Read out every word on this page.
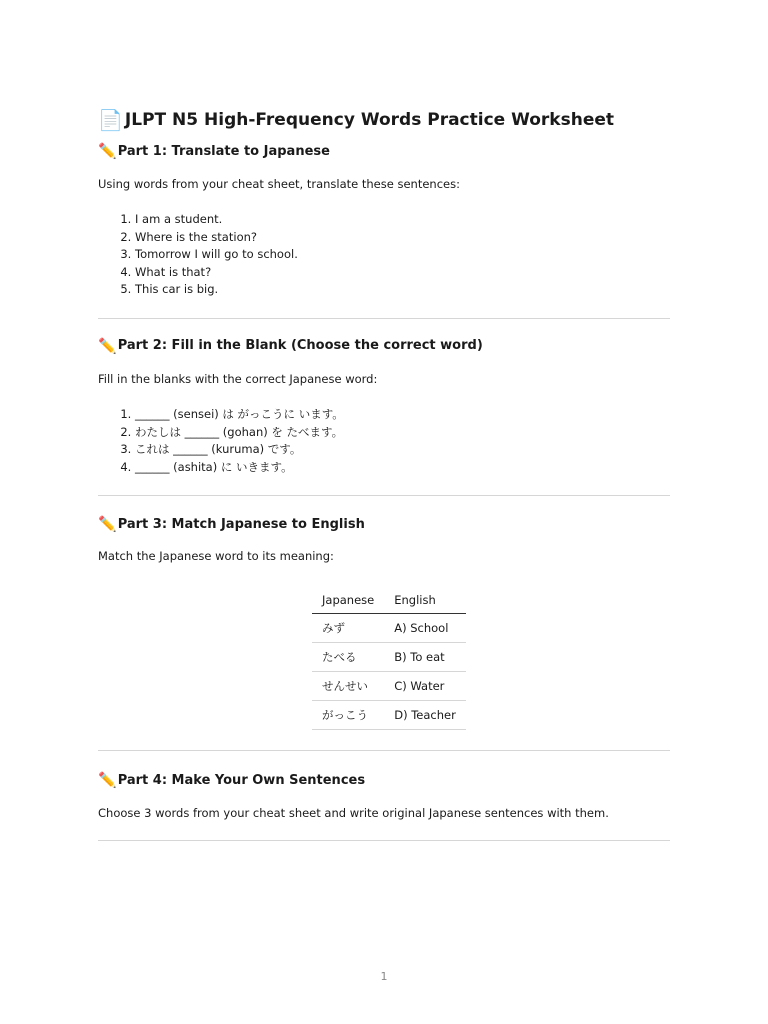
📄 JLPT N5 High-Frequency Words Practice Worksheet
✏️ Part 1: Translate to Japanese

Using words from your cheat sheet, translate these sentences:

1. I am a student.
2. Where is the station?
3. Tomorrow I will go to school.
4. What is that?
5. This car is big.
✏️ Part 2: Fill in the Blank (Choose the correct word)

Fill in the blanks with the correct Japanese word:

1. ______ (sensei) は がっこうに います。
2. わたしは ______ (gohan) を たべます。
3. これは ______ (kuruma) です。
4. ______ (ashita) に いきます。
✏️ Part 3: Match Japanese to English

Match the Japanese word to its meaning:

Japanese	English
みず	A) School
たべる	B) To eat
せんせい	C) Water
がっこう	D) Teacher
✏️ Part 4: Make Your Own Sentences

Choose 3 words from your cheat sheet and write original Japanese sentences with them.

1
